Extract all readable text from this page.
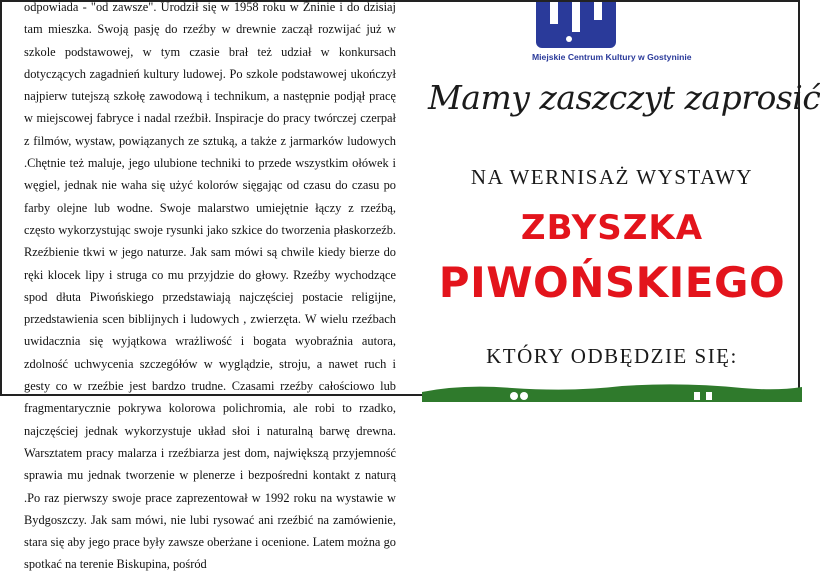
odpowiada - "od zawsze". Urodził się w 1958 roku w Żninie i do dzisiaj tam mieszka. Swoją pasję do rzeźby w drewnie zaczął rozwijać już w szkole podstawowej, w tym czasie brał też udział w konkursach dotyczących zagadnień kultury ludowej. Po szkole podstawowej ukończył najpierw tutejszą szkołę zawodową i technikum, a następnie podjął pracę w miejscowej fabryce i nadal rzeźbił. Inspiracje do pracy twórczej czerpał z filmów, wystaw, powiązanych ze sztuką, a także z jarmarków ludowych .Chętnie też maluje, jego ulubione techniki to przede wszystkim ołówek i węgiel, jednak nie waha się użyć kolorów sięgając od czasu do czasu po farby olejne lub wodne. Swoje malarstwo umiejętnie łączy z rzeźbą, często wykorzystując swoje rysunki jako szkice do tworzenia płaskorzeźb. Rzeźbienie tkwi w jego naturze. Jak sam mówi są chwile kiedy bierze do ręki klocek lipy i struga co mu przyjdzie do głowy. Rzeźby wychodzące spod dłuta Piwońskiego przedstawiają najczęściej postacie religijne, przedstawienia scen biblijnych i ludowych , zwierzęta. W wielu rzeźbach uwidacznia się wyjątkowa wrażliwość i bogata wyobraźnia autora, zdolność uchwycenia szczegółów w wyglądzie, stroju, a nawet ruch i gesty co w rzeźbie jest bardzo trudne. Czasami rzeźby całościowo lub fragmentarycznie pokrywa kolorowa polichromia, ale robi to rzadko, najczęściej jednak wykorzystuje układ słoi i naturalną barwę drewna. Warsztatem pracy malarza i rzeźbiarza jest dom, największą przyjemność sprawia mu jednak tworzenie w plenerze i bezpośredni kontakt z naturą .Po raz pierwszy swoje prace zaprezentował w 1992 roku na wystawie w Bydgoszczy. Jak sam mówi, nie lubi rysować ani rzeźbić na zamówienie, stara się aby jego prace były zawsze oberżane i ocenione. Latem można go spotkać na terenie Biskupina, pośród

Miejskie Centrum Kultury w Gostyninie
Mamy zaszczyt zaprosić
NA WERNISAŻ WYSTAWY
ZBYSZKA
PIWOŃSKIEGO
KTÓRY ODBĘDZIE SIĘ:
